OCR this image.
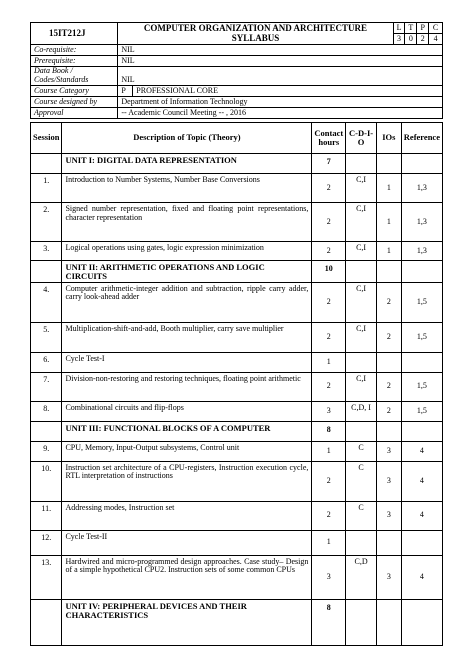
15IT212J	COMPUTER ORGANIZATION AND ARCHITECTURE
SYLLABUS		L	T	P	C
			3	0	2	4
Co-requisite:	NIL					
Prerequisite:	NIL					
Data Book / Codes/Standards	NIL					
Course Category	P	PROFESSIONAL CORE				
Course designed by	Department of Information Technology					
Approval	-- Academic Council Meeting -- , 2016					
Session	Description of Topic (Theory)	Contact hours	C-D-I-O	IOs	Reference
	UNIT I: DIGITAL DATA REPRESENTATION	7			
1.	Introduction to Number Systems, Number Base Conversions	2	C,I	1	1,3
2.	Signed number representation, fixed and floating point representations, character representation	2	C,I	1	1,3
3.	Logical operations using gates, logic expression minimization	2	C,I	1	1,3
	UNIT II: ARITHMETIC OPERATIONS AND LOGIC CIRCUITS	10			
4.	Computer arithmetic-integer addition and subtraction, ripple carry adder, carry look-ahead adder	2	C,I	2	1,5
5.	Multiplication-shift-and-add, Booth multiplier, carry save multiplier	2	C,I	2	1,5
6.	Cycle Test-I	1			
7.	Division-non-restoring and restoring techniques, floating point arithmetic	2	C,I	2	1,5
8.	Combinational circuits and flip-flops	3	C,D, I	2	1,5
	UNIT III: FUNCTIONAL BLOCKS OF A COMPUTER	8			
9.	CPU, Memory, Input-Output subsystems, Control unit	1	C	3	4
10.	Instruction set architecture of a CPU-registers, Instruction execution cycle, RTL interpretation of instructions	2	C	3	4
11.	Addressing modes, Instruction set	2	C	3	4
12.	Cycle Test-II	1			
13.	Hardwired and micro-programmed design approaches. Case study– Design of a simple hypothetical CPU2. Instruction sets of some common CPUs	3	C,D	3	4
	UNIT IV: PERIPHERAL DEVICES AND THEIR CHARACTERISTICS	8			
